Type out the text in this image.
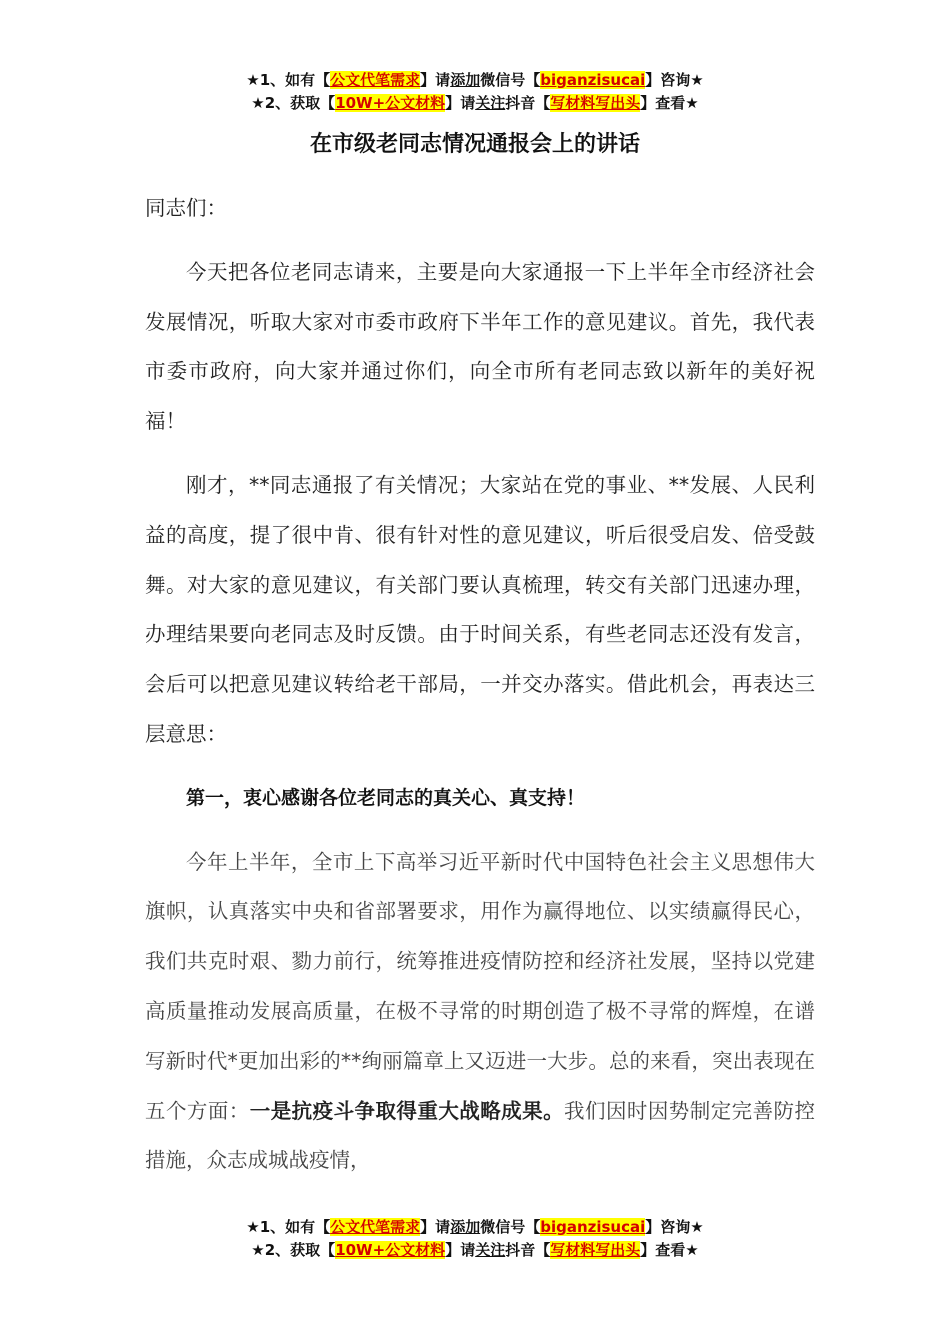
★1、如有【公文代笔需求】请添加微信号【biganzisucai】咨询★
★2、获取【10W+公文材料】请关注抖音【写材料写出头】查看★
在市级老同志情况通报会上的讲话

同志们：

今天把各位老同志请来，主要是向大家通报一下上半年全市经济社会发展情况，听取大家对市委市政府下半年工作的意见建议。首先，我代表市委市政府，向大家并通过你们，向全市所有老同志致以新年的美好祝福！

刚才，**同志通报了有关情况；大家站在党的事业、**发展、人民利益的高度，提了很中肯、很有针对性的意见建议，听后很受启发、倍受鼓舞。对大家的意见建议，有关部门要认真梳理，转交有关部门迅速办理，办理结果要向老同志及时反馈。由于时间关系，有些老同志还没有发言，会后可以把意见建议转给老干部局，一并交办落实。借此机会，再表达三层意思：

第一，衷心感谢各位老同志的真关心、真支持！

今年上半年，全市上下高举习近平新时代中国特色社会主义思想伟大旗帜，认真落实中央和省部署要求，用作为赢得地位、以实绩赢得民心，我们共克时艰、勠力前行，统筹推进疫情防控和经济社发展，坚持以党建高质量推动发展高质量，在极不寻常的时期创造了极不寻常的辉煌，在谱写新时代*更加出彩的**绚丽篇章上又迈进一大步。总的来看，突出表现在五个方面：一是抗疫斗争取得重大战略成果。我们因时因势制定完善防控措施，众志成城战疫情，

★1、如有【公文代笔需求】请添加微信号【biganzisucai】咨询★
★2、获取【10W+公文材料】请关注抖音【写材料写出头】查看★
